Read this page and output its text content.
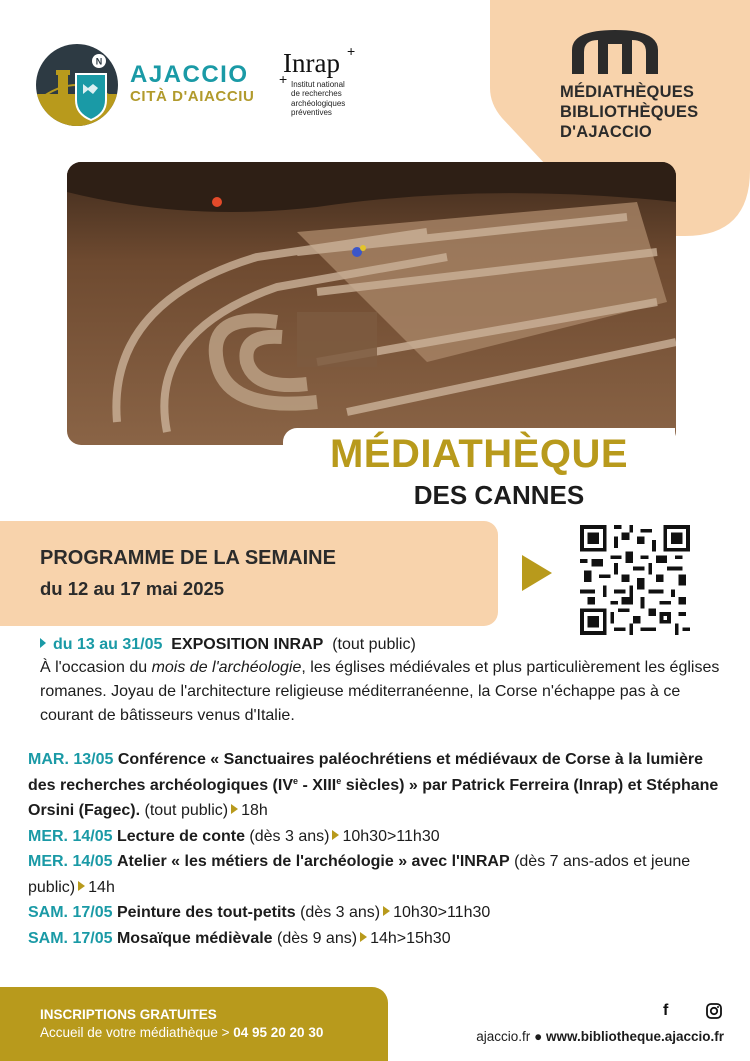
MÉDIATHÈQUES
BIBLIOTHÈQUES
D'AJACCIO
N AJACCIO
CITÀ D'AIACCIU
+
Inrap
+ Institut national
de recherches
archéologiques
préventives
MÉDIATHÈQUE
DES CANNES
PROGRAMME DE LA SEMAINE
du 12 au 17 mai 2025
du 13 au 31/05 EXPOSITION INRAP (tout public)
À l'occasion du mois de l'archéologie, les églises médiévales et plus particulièrement les églises romanes. Joyau de l'architecture religieuse méditerranéenne, la Corse n'échappe pas à ce courant de bâtisseurs venus d'Italie.
MAR. 13/05 Conférence « Sanctuaires paléochrétiens et médiévaux de Corse à la lumière des recherches archéologiques (IVe - XIIIe siècles) » par Patrick Ferreira (Inrap) et Stéphane Orsini (Fagec). (tout public) 18h
MER. 14/05 Lecture de conte (dès 3 ans) 10h30>11h30
MER. 14/05 Atelier « les métiers de l'archéologie » avec l'INRAP (dès 7 ans-ados et jeune public) 14h
SAM. 17/05 Peinture des tout-petits (dès 3 ans) 10h30>11h30
SAM. 17/05 Mosaïque médièvale (dès 9 ans) 14h>15h30
INSCRIPTIONS GRATUITES
Accueil de votre médiathèque > 04 95 20 20 30
f
ajaccio.fr ● www.bibliotheque.ajaccio.fr
